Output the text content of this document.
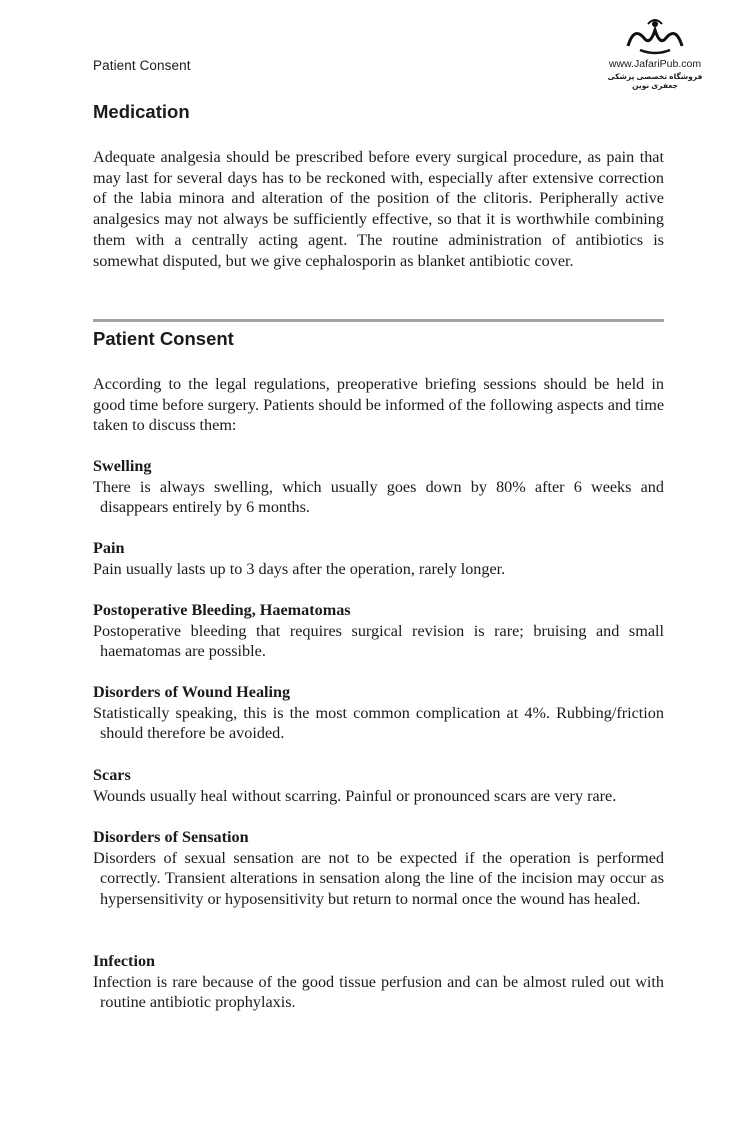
Patient Consent	www.JafariPub.com
فروشگاه تخصصی پزشکی جعفری نوین
Medication

Adequate analgesia should be prescribed before every surgical procedure, as pain that may last for several days has to be reckoned with, especially after extensive correction of the labia minora and alteration of the position of the clitoris. Peripherally active analgesics may not always be sufficiently effective, so that it is worthwhile combining them with a centrally acting agent. The routine administration of antibiotics is somewhat disputed, but we give cephalosporin as blanket antibiotic cover.

Patient Consent

According to the legal regulations, preoperative briefing sessions should be held in good time before surgery. Patients should be informed of the following aspects and time taken to discuss them:

Swelling
There is always swelling, which usually goes down by 80% after 6 weeks and disappears entirely by 6 months.
Pain
Pain usually lasts up to 3 days after the operation, rarely longer.
Postoperative Bleeding, Haematomas
Postoperative bleeding that requires surgical revision is rare; bruising and small haematomas are possible.
Disorders of Wound Healing
Statistically speaking, this is the most common complication at 4%. Rubbing/friction should therefore be avoided.
Scars
Wounds usually heal without scarring. Painful or pronounced scars are very rare.
Disorders of Sensation
Disorders of sexual sensation are not to be expected if the operation is performed correctly. Transient alterations in sensation along the line of the incision may occur as hypersensitivity or hyposensitivity but return to normal once the wound has healed.
Infection
Infection is rare because of the good tissue perfusion and can be almost ruled out with routine antibiotic prophylaxis.
